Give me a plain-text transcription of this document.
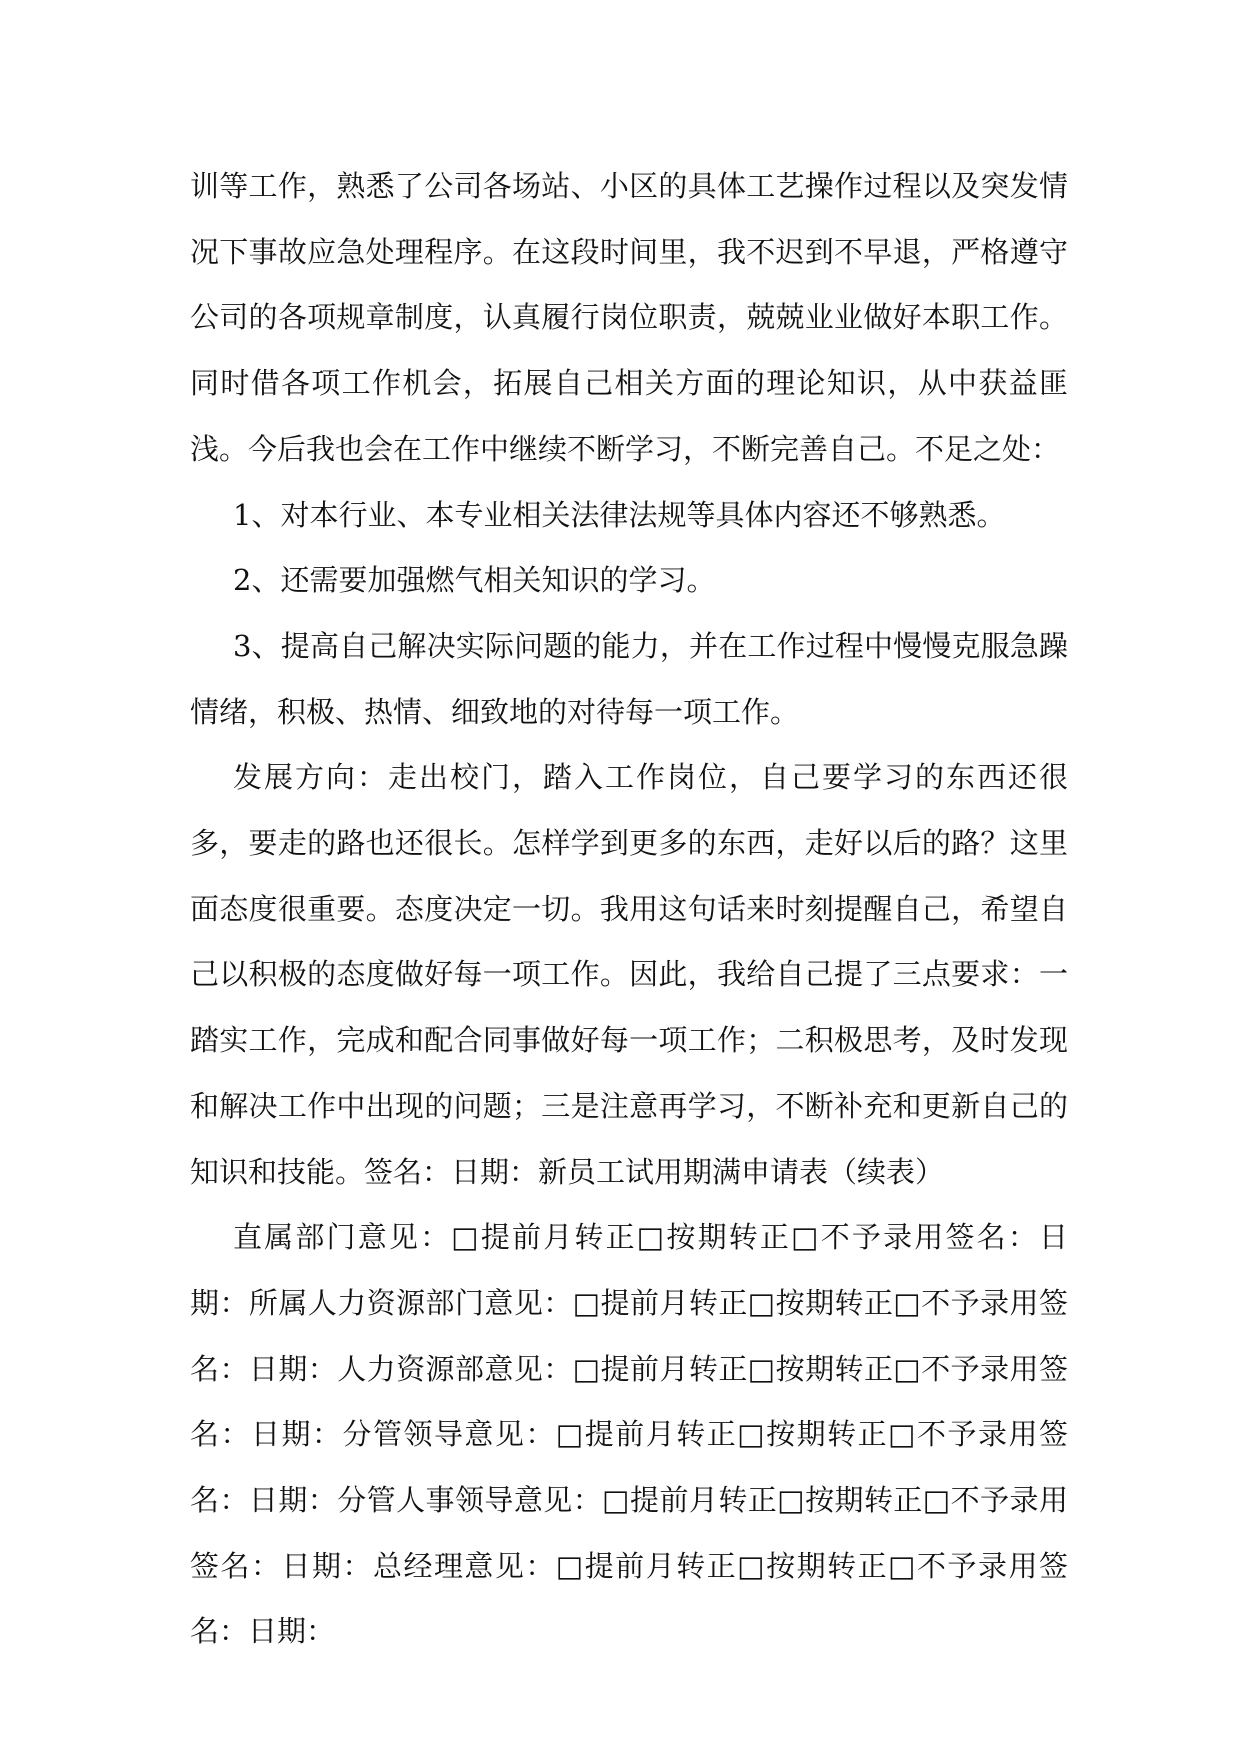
训等工作，熟悉了公司各场站、小区的具体工艺操作过程以及突发情况下事故应急处理程序。在这段时间里，我不迟到不早退，严格遵守公司的各项规章制度，认真履行岗位职责，兢兢业业做好本职工作。同时借各项工作机会，拓展自己相关方面的理论知识，从中获益匪浅。今后我也会在工作中继续不断学习，不断完善自己。不足之处：

1、对本行业、本专业相关法律法规等具体内容还不够熟悉。

2、还需要加强燃气相关知识的学习。

3、提高自己解决实际问题的能力，并在工作过程中慢慢克服急躁情绪，积极、热情、细致地的对待每一项工作。

发展方向：走出校门，踏入工作岗位，自己要学习的东西还很多，要走的路也还很长。怎样学到更多的东西，走好以后的路？这里面态度很重要。态度决定一切。我用这句话来时刻提醒自己，希望自己以积极的态度做好每一项工作。因此，我给自己提了三点要求：一踏实工作，完成和配合同事做好每一项工作；二积极思考，及时发现和解决工作中出现的问题；三是注意再学习，不断补充和更新自己的知识和技能。签名：日期：新员工试用期满申请表（续表）

直属部门意见：□提前月转正□按期转正□不予录用签名：日期：所属人力资源部门意见：□提前月转正□按期转正□不予录用签名：日期：人力资源部意见：□提前月转正□按期转正□不予录用签名：日期：分管领导意见：□提前月转正□按期转正□不予录用签名：日期：分管人事领导意见：□提前月转正□按期转正□不予录用签名：日期：总经理意见：□提前月转正□按期转正□不予录用签名：日期：
